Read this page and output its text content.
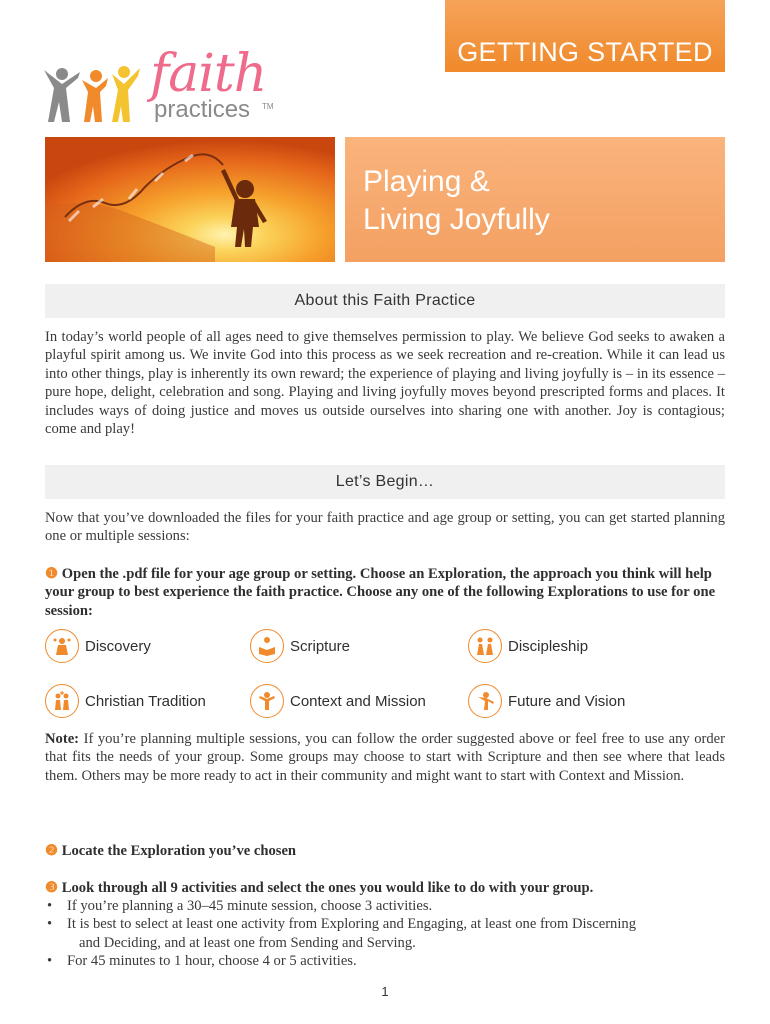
GETTING STARTED
faith
practices TM
Playing &
Living Joyfully
About this Faith Practice
In today’s world people of all ages need to give themselves permission to play. We believe God seeks to awaken a playful spirit among us. We invite God into this process as we seek recreation and re-creation. While it can lead us into other things, play is inherently its own reward; the experience of playing and living joyfully is – in its essence – pure hope, delight, celebration and song. Playing and living joyfully moves beyond prescripted forms and places. It includes ways of doing justice and moves us outside ourselves into sharing one with another. Joy is contagious; come and play!
Let’s Begin…
Now that you’ve downloaded the files for your faith practice and age group or setting, you can get started planning one or multiple sessions:
❶ Open the .pdf file for your age group or setting. Choose an Exploration, the approach you think will help your group to best experience the faith practice. Choose any one of the following Explorations to use for one session:
Discovery	Scripture	Discipleship
Christian Tradition	Context and Mission	Future and Vision
Note: If you’re planning multiple sessions, you can follow the order suggested above or feel free to use any order that fits the needs of your group. Some groups may choose to start with Scripture and then see where that leads them. Others may be more ready to act in their community and might want to start with Context and Mission.
❷ Locate the Exploration you’ve chosen
❸ Look through all 9 activities and select the ones you would like to do with your group.
• If you’re planning a 30–45 minute session, choose 3 activities.
• It is best to select at least one activity from Exploring and Engaging, at least one from Discerning
and Deciding, and at least one from Sending and Serving.
• For 45 minutes to 1 hour, choose 4 or 5 activities.
1
